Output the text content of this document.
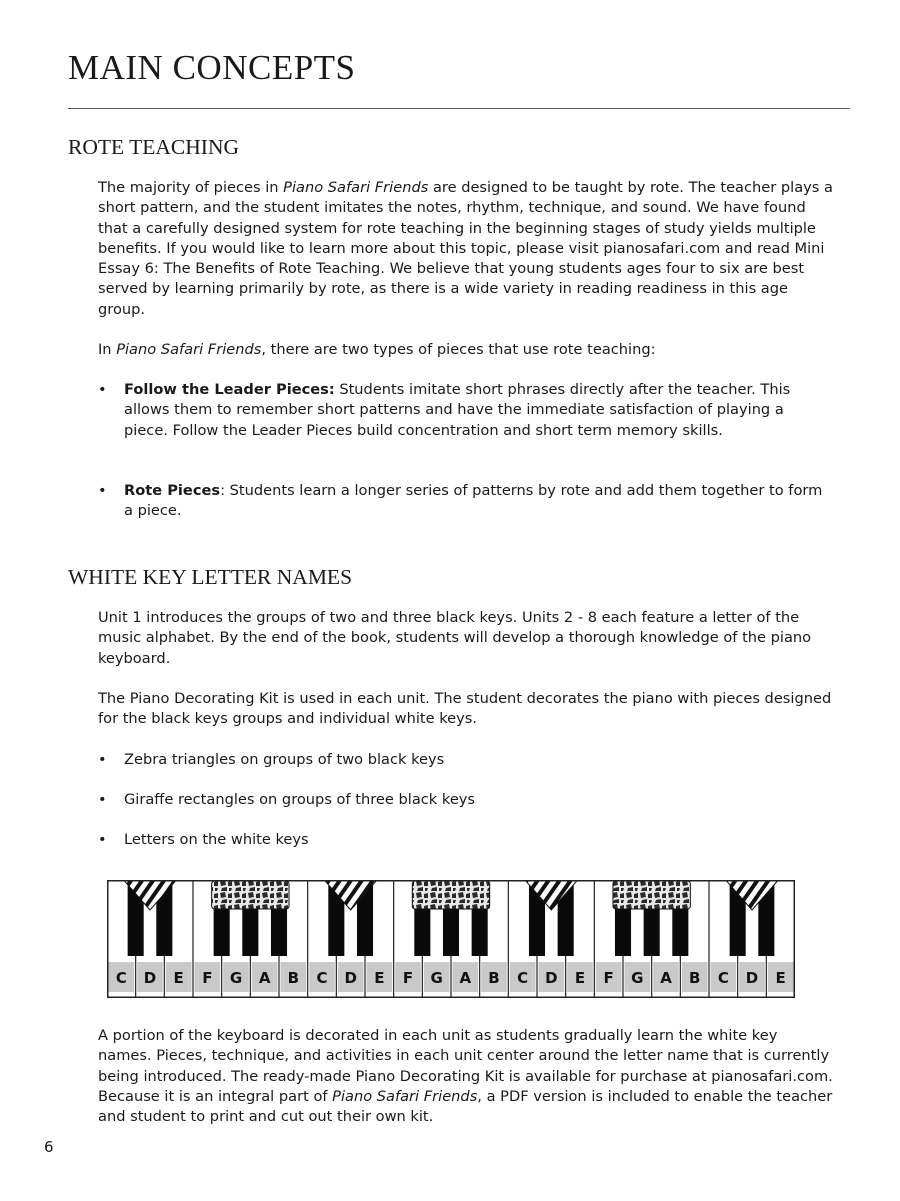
MAIN CONCEPTS
ROTE TEACHING

The majority of pieces in Piano Safari Friends are designed to be taught by rote. The teacher plays a short pattern, and the student imitates the notes, rhythm, technique, and sound. We have found that a carefully designed system for rote teaching in the beginning stages of study yields multiple benefits. If you would like to learn more about this topic, please visit pianosafari.com and read Mini Essay 6: The Benefits of Rote Teaching. We believe that young students ages four to six are best served by learning primarily by rote, as there is a wide variety in reading readiness in this age group.

In Piano Safari Friends, there are two types of pieces that use rote teaching:

• Follow the Leader Pieces: Students imitate short phrases directly after the teacher. This allows them to remember short patterns and have the immediate satisfaction of playing a piece. Follow the Leader Pieces build concentration and short term memory skills.
• Rote Pieces: Students learn a longer series of patterns by rote and add them together to form a piece.
WHITE KEY LETTER NAMES

Unit 1 introduces the groups of two and three black keys. Units 2 - 8 each feature a letter of the music alphabet. By the end of the book, students will develop a thorough knowledge of the piano keyboard.

The Piano Decorating Kit is used in each unit. The student decorates the piano with pieces designed for the black keys groups and individual white keys.

• Zebra triangles on groups of two black keys
• Giraffe rectangles on groups of three black keys
• Letters on the white keys
C D E F G A B C D E F G A B C D E F G A B C D E

A portion of the keyboard is decorated in each unit as students gradually learn the white key names. Pieces, technique, and activities in each unit center around the letter name that is currently being introduced. The ready-made Piano Decorating Kit is available for purchase at pianosafari.com. Because it is an integral part of Piano Safari Friends, a PDF version is included to enable the teacher and student to print and cut out their own kit.

6
